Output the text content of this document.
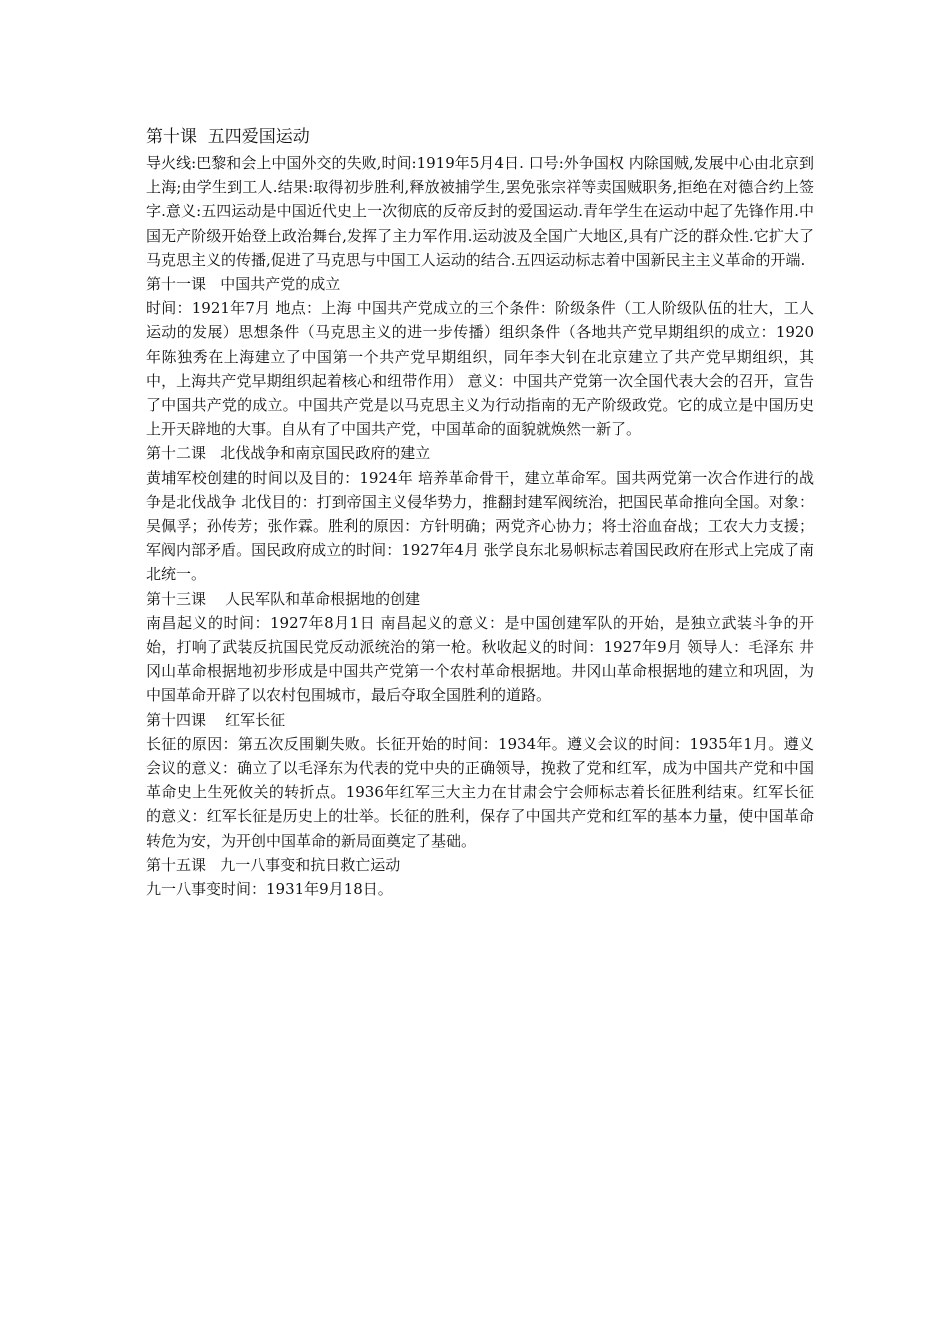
第十课  五四爱国运动

导火线:巴黎和会上中国外交的失败,时间:1919年5月4日. 口号:外争国权 内除国贼,发展中心由北京到上海;由学生到工人.结果:取得初步胜利,释放被捕学生,罢免张宗祥等卖国贼职务,拒绝在对德合约上签字.意义:五四运动是中国近代史上一次彻底的反帝反封的爱国运动.青年学生在运动中起了先锋作用.中国无产阶级开始登上政治舞台,发挥了主力军作用.运动波及全国广大地区,具有广泛的群众性.它扩大了马克思主义的传播,促进了马克思与中国工人运动的结合.五四运动标志着中国新民主主义革命的开端.

第十一课   中国共产党的成立

时间：1921年7月 地点：上海 中国共产党成立的三个条件：阶级条件（工人阶级队伍的壮大，工人运动的发展）思想条件（马克思主义的进一步传播）组织条件（各地共产党早期组织的成立：1920年陈独秀在上海建立了中国第一个共产党早期组织，同年李大钊在北京建立了共产党早期组织，其中，上海共产党早期组织起着核心和纽带作用） 意义：中国共产党第一次全国代表大会的召开，宣告了中国共产党的成立。中国共产党是以马克思主义为行动指南的无产阶级政党。它的成立是中国历史上开天辟地的大事。自从有了中国共产党，中国革命的面貌就焕然一新了。

第十二课   北伐战争和南京国民政府的建立

黄埔军校创建的时间以及目的：1924年 培养革命骨干，建立革命军。国共两党第一次合作进行的战争是北伐战争 北伐目的：打到帝国主义侵华势力，推翻封建军阀统治，把国民革命推向全国。对象：吴佩孚；孙传芳；张作霖。胜利的原因：方针明确；两党齐心协力；将士浴血奋战；工农大力支援；军阀内部矛盾。国民政府成立的时间：1927年4月 张学良东北易帜标志着国民政府在形式上完成了南北统一。

第十三课    人民军队和革命根据地的创建

南昌起义的时间：1927年8月1日 南昌起义的意义：是中国创建军队的开始，是独立武装斗争的开始，打响了武装反抗国民党反动派统治的第一枪。秋收起义的时间：1927年9月 领导人：毛泽东 井冈山革命根据地初步形成是中国共产党第一个农村革命根据地。井冈山革命根据地的建立和巩固，为中国革命开辟了以农村包围城市，最后夺取全国胜利的道路。

第十四课    红军长征

长征的原因：第五次反围剿失败。长征开始的时间：1934年。遵义会议的时间：1935年1月。遵义会议的意义：确立了以毛泽东为代表的党中央的正确领导，挽救了党和红军，成为中国共产党和中国革命史上生死攸关的转折点。1936年红军三大主力在甘肃会宁会师标志着长征胜利结束。红军长征的意义：红军长征是历史上的壮举。长征的胜利，保存了中国共产党和红军的基本力量，使中国革命转危为安，为开创中国革命的新局面奠定了基础。

第十五课   九一八事变和抗日救亡运动

九一八事变时间：1931年9月18日。
